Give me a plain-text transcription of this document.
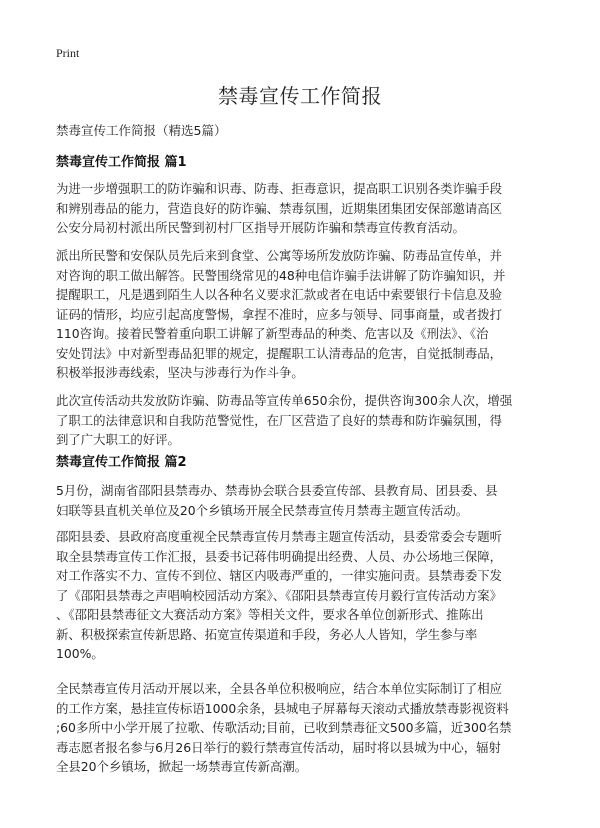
Print
禁毒宣传工作简报
禁毒宣传工作简报（精选5篇）
禁毒宣传工作简报 篇1
为进一步增强职工的防诈骗和识毒、防毒、拒毒意识，提高职工识别各类诈骗手段
和辨别毒品的能力，营造良好的防诈骗、禁毒氛围，近期集团集团安保部邀请高区
公安分局初村派出所民警到初村厂区指导开展防诈骗和禁毒宣传教育活动。
派出所民警和安保队员先后来到食堂、公寓等场所发放防诈骗、防毒品宣传单，并
对咨询的职工做出解答。民警围绕常见的48种电信诈骗手法讲解了防诈骗知识，并
提醒职工，凡是遇到陌生人以各种名义要求汇款或者在电话中索要银行卡信息及验
证码的情形，均应引起高度警惕，拿捏不准时，应多与领导、同事商量，或者拨打
110咨询。接着民警着重向职工讲解了新型毒品的种类、危害以及《刑法》、《治
安处罚法》中对新型毒品犯罪的规定，提醒职工认清毒品的危害，自觉抵制毒品，
积极举报涉毒线索，坚决与涉毒行为作斗争。
此次宣传活动共发放防诈骗、防毒品等宣传单650余份，提供咨询300余人次，增强
了职工的法律意识和自我防范警觉性，在厂区营造了良好的禁毒和防诈骗氛围，得
到了广大职工的好评。
禁毒宣传工作简报 篇2
5月份，湖南省邵阳县禁毒办、禁毒协会联合县委宣传部、县教育局、团县委、县
妇联等县直机关单位及20个乡镇场开展全民禁毒宣传月禁毒主题宣传活动。
邵阳县委、县政府高度重视全民禁毒宣传月禁毒主题宣传活动，县委常委会专题听
取全县禁毒宣传工作汇报，县委书记蒋伟明确提出经费、人员、办公场地三保障，
对工作落实不力、宣传不到位、辖区内吸毒严重的，一律实施问责。县禁毒委下发
了《邵阳县禁毒之声唱响校园活动方案》、《邵阳县禁毒宣传月毅行宣传活动方案》
、《邵阳县禁毒征文大赛活动方案》等相关文件，要求各单位创新形式、推陈出
新、积极探索宣传新思路、拓宽宣传渠道和手段，务必人人皆知，学生参与率
100%。
全民禁毒宣传月活动开展以来，全县各单位积极响应，结合本单位实际制订了相应
的工作方案，悬挂宣传标语1000余条，县城电子屏幕每天滚动式播放禁毒影视资料
;60多所中小学开展了拉歌、传歌活动;目前，已收到禁毒征文500多篇，近300名禁
毒志愿者报名参与6月26日举行的毅行禁毒宣传活动，届时将以县城为中心，辐射
全县20个乡镇场，掀起一场禁毒宣传新高潮。
